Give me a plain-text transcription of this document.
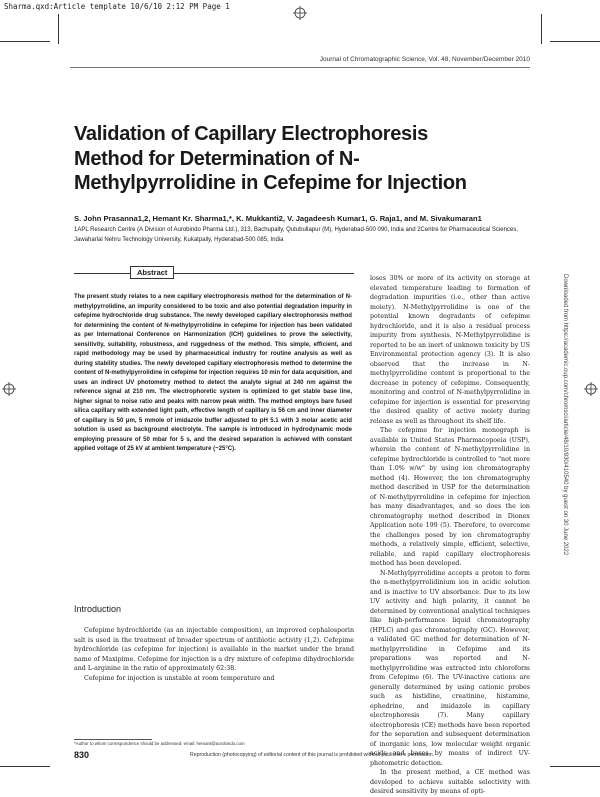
Sharma.qxd:Article template 10/6/10 2:12 PM Page 1
Journal of Chromatographic Science, Vol. 48, November/December 2010
Validation of Capillary Electrophoresis Method for Determination of N-Methylpyrrolidine in Cefepime for Injection
S. John Prasanna1,2, Hemant Kr. Sharma1,*, K. Mukkanti2, V. Jagadeesh Kumar1, G. Raja1, and M. Sivakumaran1
1APL Research Centre (A Division of Aurobindo Pharma Ltd.), 313, Bachupally, Qutubullapur (M), Hyderabad-500 090, India and 2Centre for Pharmaceutical Sciences, Jawaharlal Nehru Technology University, Kukatpally, Hyderabad-500 085, India
Abstract
The present study relates to a new capillary electrophoresis method for the determination of N-methylpyrrolidine, an impurity considered to be toxic and also potential degradation impurity in cefepime hydrochloride drug substance. The newly developed capillary electrophoresis method for determining the content of N-methylpyrrolidine in cefepime for injection has been validated as per International Conference on Harmonization (ICH) guidelines to prove the selectivity, sensitivity, suitability, robustness, and ruggedness of the method. This simple, efficient, and rapid methodology may be used by pharmaceutical industry for routine analysis as well as during stability studies. The newly developed capillary electrophoresis method to determine the content of N-methylpyrrolidine in cefepime for injection requires 10 min for data acquisition, and uses an indirect UV photometry method to detect the analyte signal at 240 nm against the reference signal at 210 nm. The electrophoretic system is optimized to get stable base line, higher signal to noise ratio and peaks with narrow peak width. The method employs bare fused silica capillary with extended light path, effective length of capillary is 56 cm and inner diameter of capillary is 50 μm, 5 mmole of imidazole buffer adjusted to pH 5.1 with 3 molar acetic acid solution is used as background electrolyte. The sample is introduced in hydrodynamic mode employing pressure of 50 mbar for 5 s, and the desired separation is achieved with constant applied voltage of 25 kV at ambient temperature (~25°C).
Introduction

Cefepime hydrochloride (as an injectable composition), an improved cephalosporin salt is used in the treatment of broader spectrum of antibiotic activity (1,2). Cefepime hydrochloride (as cefepime for injection) is available in the market under the brand name of Maxipime. Cefepime for injection is a dry mixture of cefepime dihydrochloride and L-arginine in the ratio of approximately 62:38.

Cefepime for injection is unstable at room temperature and

loses 30% or more of its activity on storage at elevated temperature leading to formation of degradation impurities (i.e., other than active moiety). N-Methylpyrrolidine is one of the potential known degradants of cefepime hydrochloride, and it is also a residual process impurity from synthesis. N-Methylpyrrolidine is reported to be an inert of unknown toxicity by US Environmental protection agency (3). It is also observed that the increase in N-methylpyrrolidine content is proportional to the decrease in potency of cefepime. Consequently, monitoring and control of N-methylpyrrolidine in cefepime for injection is essential for preserving the desired quality of active moiety during release as well as throughout its shelf life.

The cefepime for injection monograph is available in United States Pharmacopoeia (USP), wherein the content of N-methylpyrrolidine in cefepime hydrochloride is controlled to "not more than 1.0% w/w" by using ion chromatography method (4). However, the ion chromatography method described in USP for the determination of N-methylpyrrolidine in cefepime for injection has many disadvantages, and so does the ion chromatography method described in Dionex Application note 199 (5). Therefore, to overcome the challenges posed by ion chromatography methods, a relatively simple, efficient, selective, reliable, and rapid capillary electrophoresis method has been developed.

N-Methylpyrrolidine accepts a proton to form the n-methylpyrrolidinium ion in acidic solution and is inactive to UV absorbance. Due to its low UV activity and high polarity, it cannot be determined by conventional analytical techniques like high-performance liquid chromatography (HPLC) and gas chromatography (GC). However, a validated GC method for determination of N-methylpyrrolidine in Cefepime and its preparations was reported and N-methylpyrrolidine was extracted into chloroform from Cefepime (6). The UV-inactive cations are generally determined by using cationic probes such as histidine, creatinine, histamine, ephedrine, and imidazole in capillary electrophoresis (7). Many capillary electrophoresis (CE) methods have been reported for the separation and subsequent determination of inorganic ions, low molecular weight organic acids and bases by means of indirect UV-photometric detection.

In the present method, a CE method was developed to achieve suitable selectivity with desired sensitivity by means of opti-

*Author to whom correspondence should be addressed: email: hemant@aurobindo.com
830	Reproduction (photocopying) of editorial content of this journal is prohibited without publisher's permission.
Downloaded from https://academic.oup.com/chromsci/article/48/10/830/410540 by guest on 30 June 2022
